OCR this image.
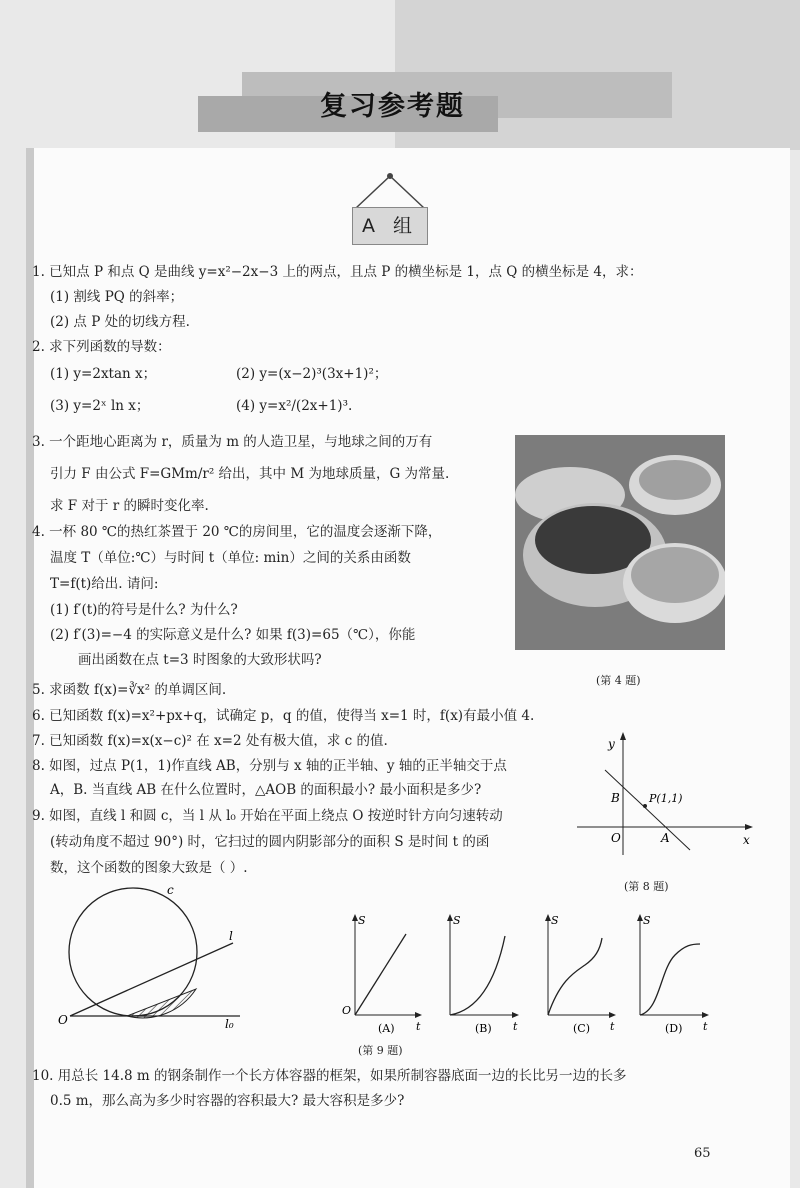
复习参考题
A 组
1. 已知点 P 和点 Q 是曲线 y=x²−2x−3 上的两点，且点 P 的横坐标是 1，点 Q 的横坐标是 4，求：
(1) 割线 PQ 的斜率；
(2) 点 P 处的切线方程.
2. 求下列函数的导数：
(1) y=2xtan x；	(2) y=(x−2)³(3x+1)²；
(3) y=2ˣ ln x；	(4) y=x²/(2x+1)³.
3. 一个距地心距离为 r，质量为 m 的人造卫星，与地球之间的万有
引力 F 由公式 F=GMm/r² 给出，其中 M 为地球质量，G 为常量.
求 F 对于 r 的瞬时变化率.
4. 一杯 80 ℃的热红茶置于 20 ℃的房间里，它的温度会逐渐下降，
温度 T（单位:℃）与时间 t（单位: min）之间的关系由函数
T=f(t)给出. 请问:
(1) f′(t)的符号是什么? 为什么?
(2) f′(3)=−4 的实际意义是什么? 如果 f(3)=65（℃），你能
画出函数在点 t=3 时图象的大致形状吗?
5. 求函数 f(x)=∛x² 的单调区间.
6. 已知函数 f(x)=x²+px+q，试确定 p，q 的值，使得当 x=1 时，f(x)有最小值 4.
7. 已知函数 f(x)=x(x−c)² 在 x=2 处有极大值，求 c 的值.
8. 如图，过点 P(1，1)作直线 AB，分别与 x 轴的正半轴、y 轴的正半轴交于点
A，B. 当直线 AB 在什么位置时，△AOB 的面积最小? 最小面积是多少?
9. 如图，直线 l 和圆 c，当 l 从 l₀ 开始在平面上绕点 O 按逆时针方向匀速转动
(转动角度不超过 90°) 时，它扫过的圆内阴影部分的面积 S 是时间 t 的函
数，这个函数的图象大致是（ ）.
10. 用总长 14.8 m 的钢条制作一个长方体容器的框架，如果所制容器底面一边的长比另一边的长多
0.5 m，那么高为多少时容器的容积最大? 最大容积是多少?
(第 4 题)
y
x
O
B
A
P(1,1)
(第 8 题)
c
l
l₀
O
S
O
t
(A)
S
t
(B)
S
t
(C)
S
t
(D)
(第 9 题)
65
